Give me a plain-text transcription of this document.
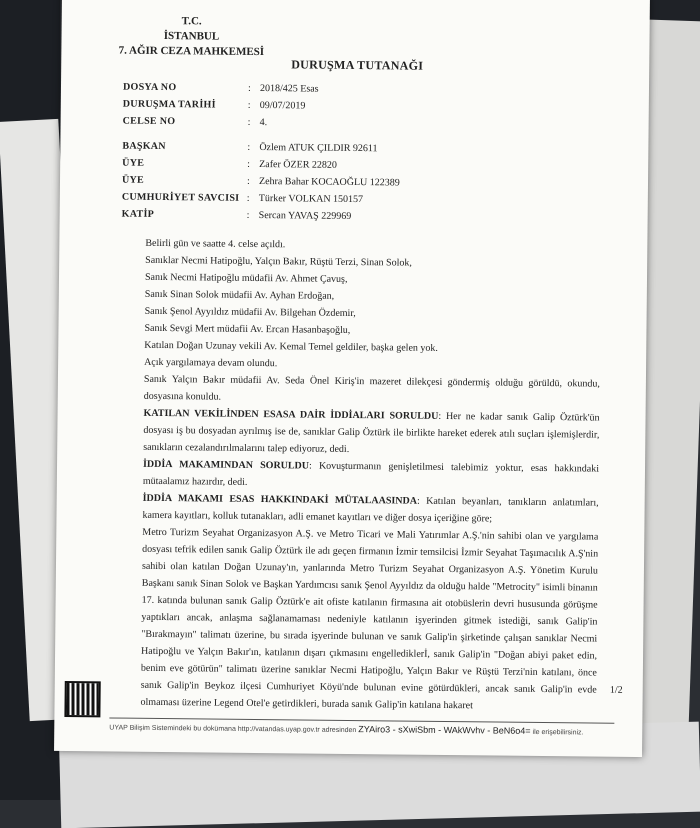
T.C.
İSTANBUL
7. AĞIR CEZA MAHKEMESİ
DURUŞMA TUTANAĞI
DOSYA NO	: 2018/425 Esas
DURUŞMA TARİHİ	: 09/07/2019
CELSE NO	: 4.
BAŞKAN	: Özlem ATUK ÇILDIR 92611
ÜYE	: Zafer ÖZER 22820
ÜYE	: Zehra Bahar KOCAOĞLU 122389
CUMHURİYET SAVCISI : Türker VOLKAN 150157
KATİP	: Sercan YAVAŞ 229969

Belirli gün ve saatte 4. celse açıldı.

Sanıklar Necmi Hatipoğlu, Yalçın Bakır, Rüştü Terzi, Sinan Solok,

Sanık Necmi Hatipoğlu müdafii Av. Ahmet Çavuş,

Sanık Sinan Solok müdafii Av. Ayhan Erdoğan,

Sanık Şenol Ayyıldız müdafii Av. Bilgehan Özdemir,

Sanık Sevgi Mert müdafii Av. Ercan Hasanbaşoğlu,

Katılan Doğan Uzunay vekili Av. Kemal Temel geldiler, başka gelen yok.

Açık yargılamaya devam olundu.

Sanık Yalçın Bakır müdafii Av. Seda Önel Kiriş'in mazeret dilekçesi göndermiş olduğu görüldü, okundu, dosyasına konuldu.

KATILAN VEKİLİNDEN ESASA DAİR İDDİALARI SORULDU: Her ne kadar sanık Galip Öztürk'ün dosyası iş bu dosyadan ayrılmış ise de, sanıklar Galip Öztürk ile birlikte hareket ederek atılı suçları işlemişlerdir, sanıkların cezalandırılmalarını talep ediyoruz, dedi.

İDDİA MAKAMINDAN SORULDU: Kovuşturmanın genişletilmesi talebimiz yoktur, esas hakkındaki mütaalamız hazırdır, dedi.

İDDİA MAKAMI ESAS HAKKINDAKİ MÜTALAASINDA: Katılan beyanları, tanıkların anlatımları, kamera kayıtları, kolluk tutanakları, adli emanet kayıtları ve diğer dosya içeriğine göre;

Metro Turizm Seyahat Organizasyon A.Ş. ve Metro Ticari ve Mali Yatırımlar A.Ş.'nin sahibi olan ve yargılama dosyası tefrik edilen sanık Galip Öztürk ile adı geçen firmanın İzmir temsilcisi İzmir Seyahat Taşımacılık A.Ş'nin sahibi olan katılan Doğan Uzunay'ın, yanlarında Metro Turizm Seyahat Organizasyon A.Ş. Yönetim Kurulu Başkanı sanık Sinan Solok ve Başkan Yardımcısı sanık Şenol Ayyıldız da olduğu halde "Metrocity" isimli binanın 17. katında bulunan sanık Galip Öztürk'e ait ofiste katılanın firmasına ait otobüslerin devri hususunda görüşme yaptıkları ancak, anlaşma sağlanamaması nedeniyle katılanın işyerinden gitmek istediği, sanık Galip'in "Bırakmayın" talimatı üzerine, bu sırada işyerinde bulunan ve sanık Galip'in şirketinde çalışan sanıklar Necmi Hatipoğlu ve Yalçın Bakır'ın, katılanın dışarı çıkmasını engellediklerİ, sanık Galip'in "Doğan abiyi paket edin, benim eve götürün" talimatı üzerine sanıklar Necmi Hatipoğlu, Yalçın Bakır ve Rüştü Terzi'nin katılanı, önce sanık Galip'in Beykoz ilçesi Cumhuriyet Köyü'nde bulunan evine götürdükleri, ancak sanık Galip'in evde olmaması üzerine Legend Otel'e getirdikleri, burada sanık Galip'in katılana hakaret

1/2
UYAP Bilişim Sistemindeki bu dokümana http://vatandas.uyap.gov.tr adresinden ZYAiro3 - sXwiSbm - WAkWvhv - BeN6o4= ile erişebilirsiniz.
